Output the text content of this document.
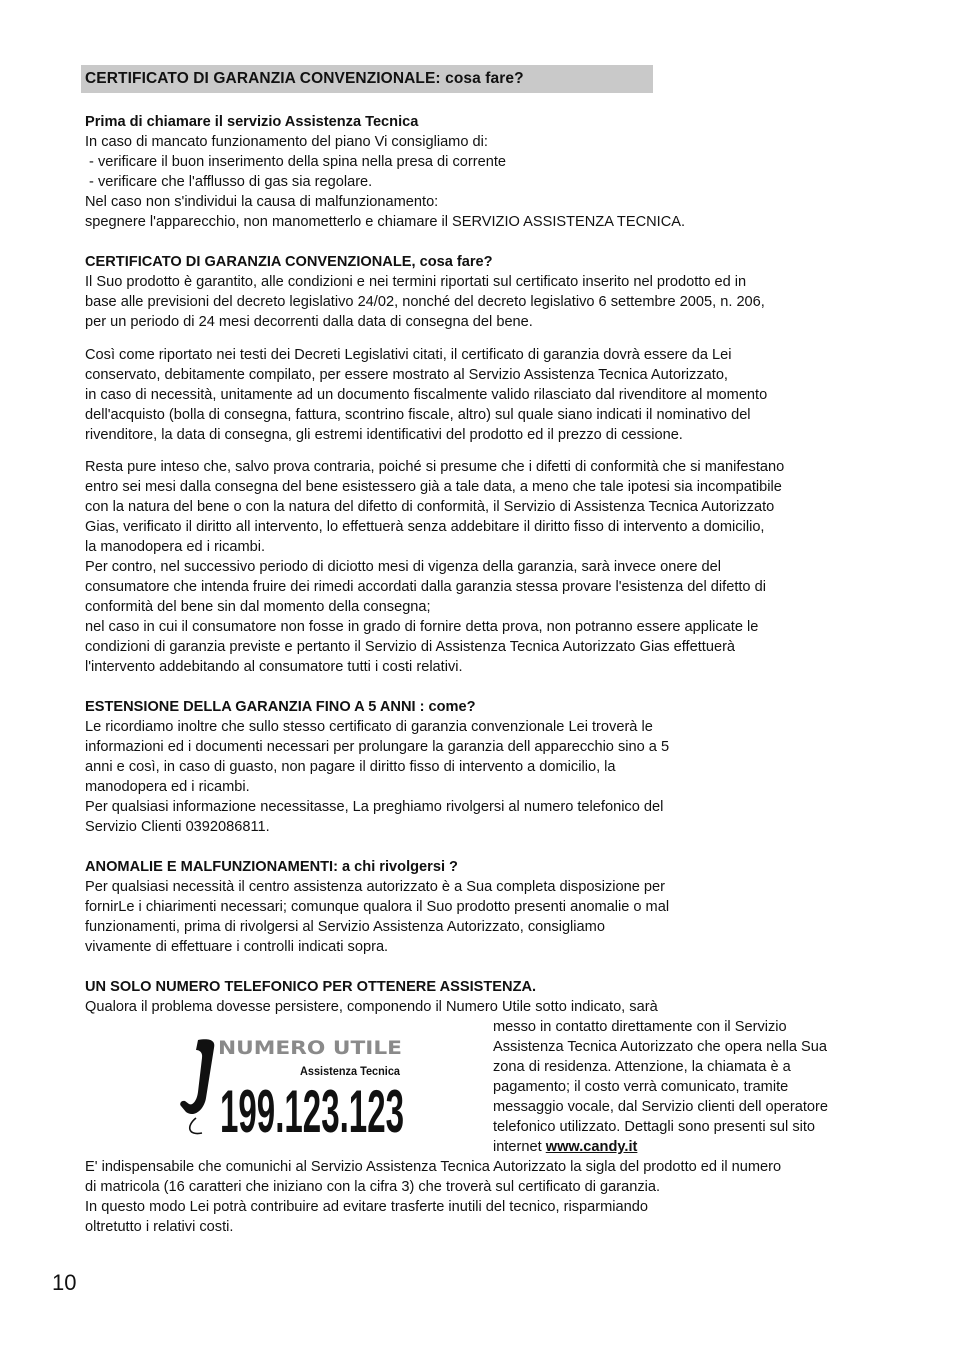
CERTIFICATO DI GARANZIA CONVENZIONALE: cosa fare?
Prima di chiamare il servizio Assistenza Tecnica
In caso di mancato funzionamento del piano Vi consigliamo di:
- verificare il buon inserimento della spina nella presa di corrente
- verificare che l'afflusso di gas sia regolare.
Nel caso non s'individui la causa di malfunzionamento:
spegnere l'apparecchio, non manometterlo e chiamare il SERVIZIO ASSISTENZA TECNICA.
CERTIFICATO DI GARANZIA CONVENZIONALE, cosa fare?
Il Suo prodotto è garantito, alle condizioni e nei termini riportati sul certificato inserito nel prodotto ed in
base alle previsioni del decreto legislativo 24/02, nonché del decreto legislativo 6 settembre 2005, n. 206,
per un periodo di 24 mesi decorrenti dalla data di consegna del bene.
Così come riportato nei testi dei Decreti Legislativi citati, il certificato di garanzia dovrà essere da Lei
conservato, debitamente compilato, per essere mostrato al Servizio Assistenza Tecnica Autorizzato,
in caso di necessità, unitamente ad un documento fiscalmente valido rilasciato dal rivenditore al momento
dell'acquisto (bolla di consegna, fattura, scontrino fiscale, altro) sul quale siano indicati il nominativo del
rivenditore, la data di consegna, gli estremi identificativi del prodotto ed il prezzo di cessione.
Resta pure inteso che, salvo prova contraria, poiché si presume che i difetti di conformità che si manifestano
entro sei mesi dalla consegna del bene esistessero già a tale data, a meno che tale ipotesi sia incompatibile
con la natura del bene o con la natura del difetto di conformità, il Servizio di Assistenza Tecnica Autorizzato
Gias, verificato il diritto all intervento, lo effettuerà senza addebitare il diritto fisso di intervento a domicilio,
la manodopera ed i ricambi.
Per contro, nel successivo periodo di diciotto mesi di vigenza della garanzia, sarà invece onere del
consumatore che intenda fruire dei rimedi accordati dalla garanzia stessa provare l'esistenza del difetto di
conformità del bene sin dal momento della consegna;
nel caso in cui il consumatore non fosse in grado di fornire detta prova, non potranno essere applicate le
condizioni di garanzia previste e pertanto il Servizio di Assistenza Tecnica Autorizzato Gias effettuerà
l'intervento addebitando al consumatore tutti i costi relativi.
ESTENSIONE DELLA GARANZIA FINO A 5 ANNI : come?
Le ricordiamo inoltre che sullo stesso certificato di garanzia convenzionale Lei troverà le
informazioni ed i documenti necessari per prolungare la garanzia dell apparecchio sino a 5
anni e così, in caso di guasto, non pagare il diritto fisso di intervento a domicilio, la
manodopera ed i ricambi.
Per qualsiasi informazione necessitasse, La preghiamo rivolgersi al numero telefonico del
Servizio Clienti 0392086811.
ANOMALIE E MALFUNZIONAMENTI: a chi rivolgersi ?
Per qualsiasi necessità il centro assistenza autorizzato è a Sua completa disposizione per
fornirLe i chiarimenti necessari; comunque qualora il Suo prodotto presenti anomalie o mal
funzionamenti, prima di rivolgersi al Servizio Assistenza Autorizzato, consigliamo
vivamente di effettuare i controlli indicati sopra.
UN SOLO NUMERO TELEFONICO PER OTTENERE ASSISTENZA.
Qualora il problema dovesse persistere, componendo il Numero Utile sotto indicato, sarà
messo in contatto direttamente con il Servizio
Assistenza Tecnica Autorizzato che opera nella Sua
zona di residenza. Attenzione, la chiamata è a
pagamento; il costo verrà comunicato, tramite
messaggio vocale, dal Servizio clienti dell operatore
telefonico utilizzato. Dettagli sono presenti sul sito
internet www.candy.it
NUMERO UTILE
Assistenza Tecnica
199.123.123
E' indispensabile che comunichi al Servizio Assistenza Tecnica Autorizzato la sigla del prodotto ed il numero
di matricola (16 caratteri che iniziano con la cifra 3) che troverà sul certificato di garanzia.
In questo modo Lei potrà contribuire ad evitare trasferte inutili del tecnico, risparmiando
oltretutto i relativi costi.
10
